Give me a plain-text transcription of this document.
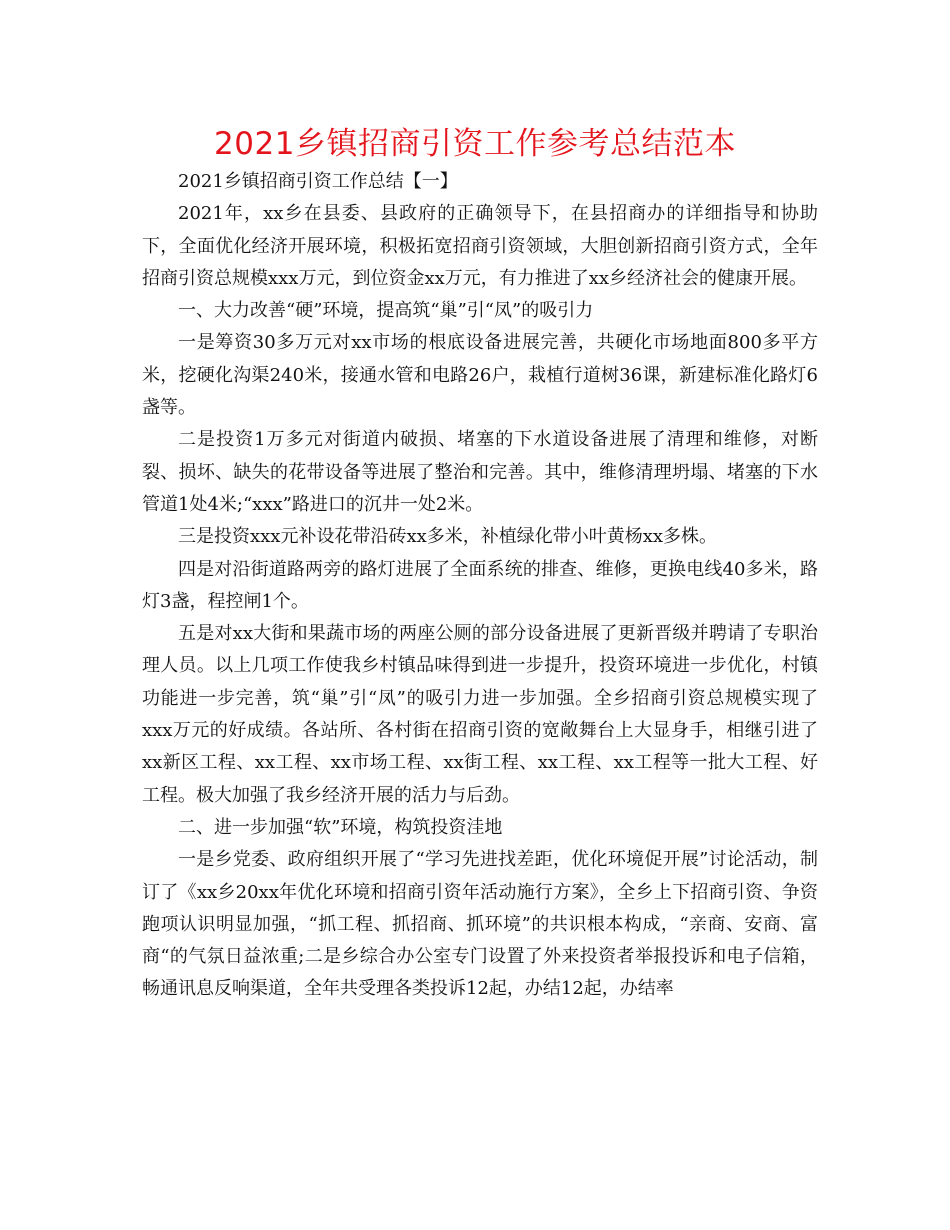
2021乡镇招商引资工作参考总结范本

2021乡镇招商引资工作总结【一】

2021年，xx乡在县委、县政府的正确领导下，在县招商办的详细指导和协助下，全面优化经济开展环境，积极拓宽招商引资领域，大胆创新招商引资方式，全年招商引资总规模xxx万元，到位资金xx万元，有力推进了xx乡经济社会的健康开展。

一、大力改善“硬”环境，提高筑“巢”引“凤”的吸引力

一是筹资30多万元对xx市场的根底设备进展完善，共硬化市场地面800多平方米，挖硬化沟渠240米，接通水管和电路26户，栽植行道树36课，新建标准化路灯6盏等。

二是投资1万多元对街道内破损、堵塞的下水道设备进展了清理和维修，对断裂、损坏、缺失的花带设备等进展了整治和完善。其中，维修清理坍塌、堵塞的下水管道1处4米;“xxx”路进口的沉井一处2米。

三是投资xxx元补设花带沿砖xx多米，补植绿化带小叶黄杨xx多株。

四是对沿街道路两旁的路灯进展了全面系统的排查、维修，更换电线40多米，路灯3盏，程控闸1个。

五是对xx大街和果蔬市场的两座公厕的部分设备进展了更新晋级并聘请了专职治理人员。以上几项工作使我乡村镇品味得到进一步提升，投资环境进一步优化，村镇功能进一步完善，筑“巢”引“凤”的吸引力进一步加强。全乡招商引资总规模实现了xxx万元的好成绩。各站所、各村街在招商引资的宽敞舞台上大显身手，相继引进了xx新区工程、xx工程、xx市场工程、xx街工程、xx工程、xx工程等一批大工程、好工程。极大加强了我乡经济开展的活力与后劲。

二、进一步加强“软”环境，构筑投资洼地

一是乡党委、政府组织开展了“学习先进找差距，优化环境促开展”讨论活动，制订了《xx乡20xx年优化环境和招商引资年活动施行方案》，全乡上下招商引资、争资跑项认识明显加强，“抓工程、抓招商、抓环境”的共识根本构成，“亲商、安商、富商“的气氛日益浓重;二是乡综合办公室专门设置了外来投资者举报投诉和电子信箱，畅通讯息反响渠道，全年共受理各类投诉12起，办结12起，办结率
